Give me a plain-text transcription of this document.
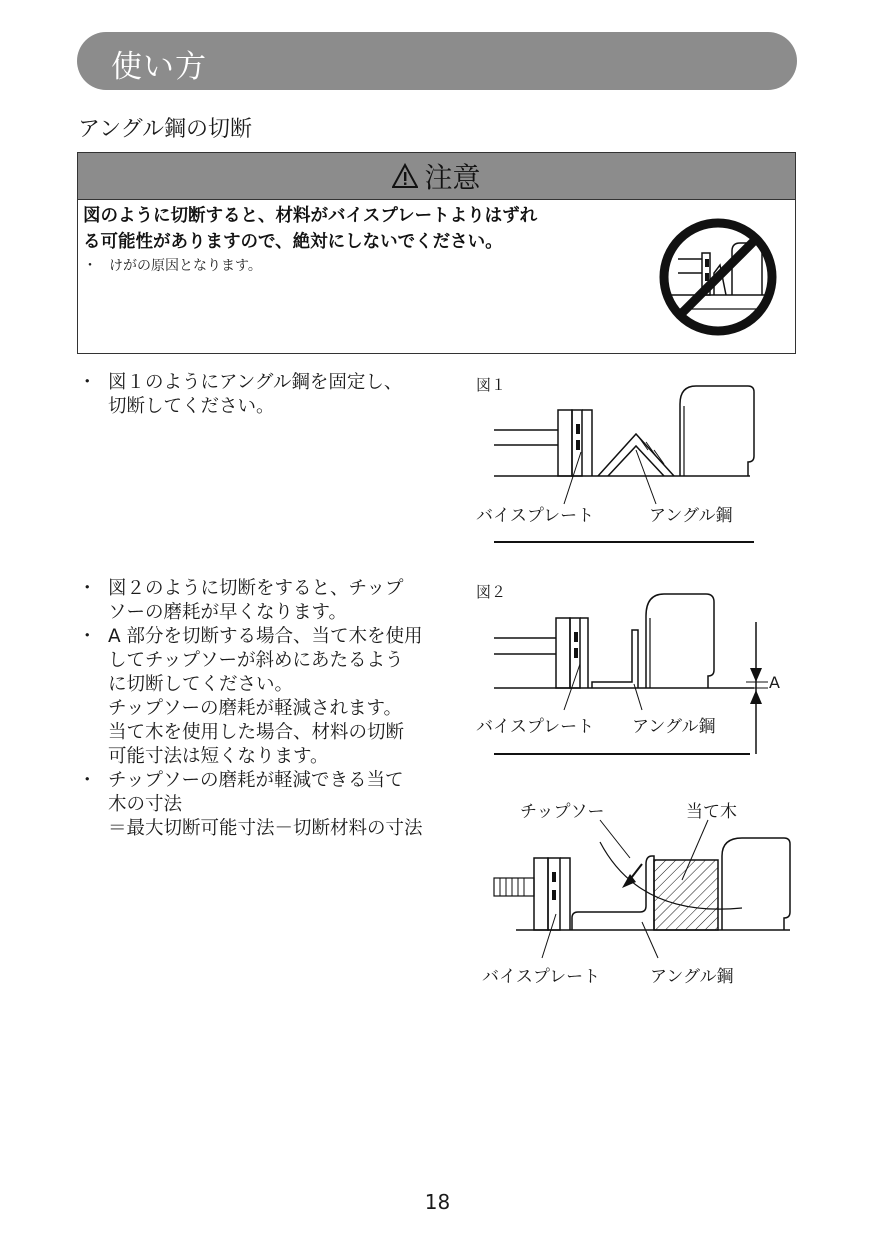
使い方
アングル鋼の切断
注意
図のように切断すると、材料がバイスプレートよりはずれ
る可能性がありますので、絶対にしないでください。
・ けがの原因となります。
・ 図１のようにアングル鋼を固定し、
切断してください。
図１
バイスプレート	アングル鋼
・ 図２のように切断をすると、チップ
ソーの磨耗が早くなります。
・ A 部分を切断する場合、当て木を使用
してチップソーが斜めにあたるよう
に切断してください。
チップソーの磨耗が軽減されます。
当て木を使用した場合、材料の切断
可能寸法は短くなります。
・ チップソーの磨耗が軽減できる当て
木の寸法
＝最大切断可能寸法－切断材料の寸法
図２
A
バイスプレート アングル鋼
チップソー	当て木
バイスプレート	アングル鋼
18
